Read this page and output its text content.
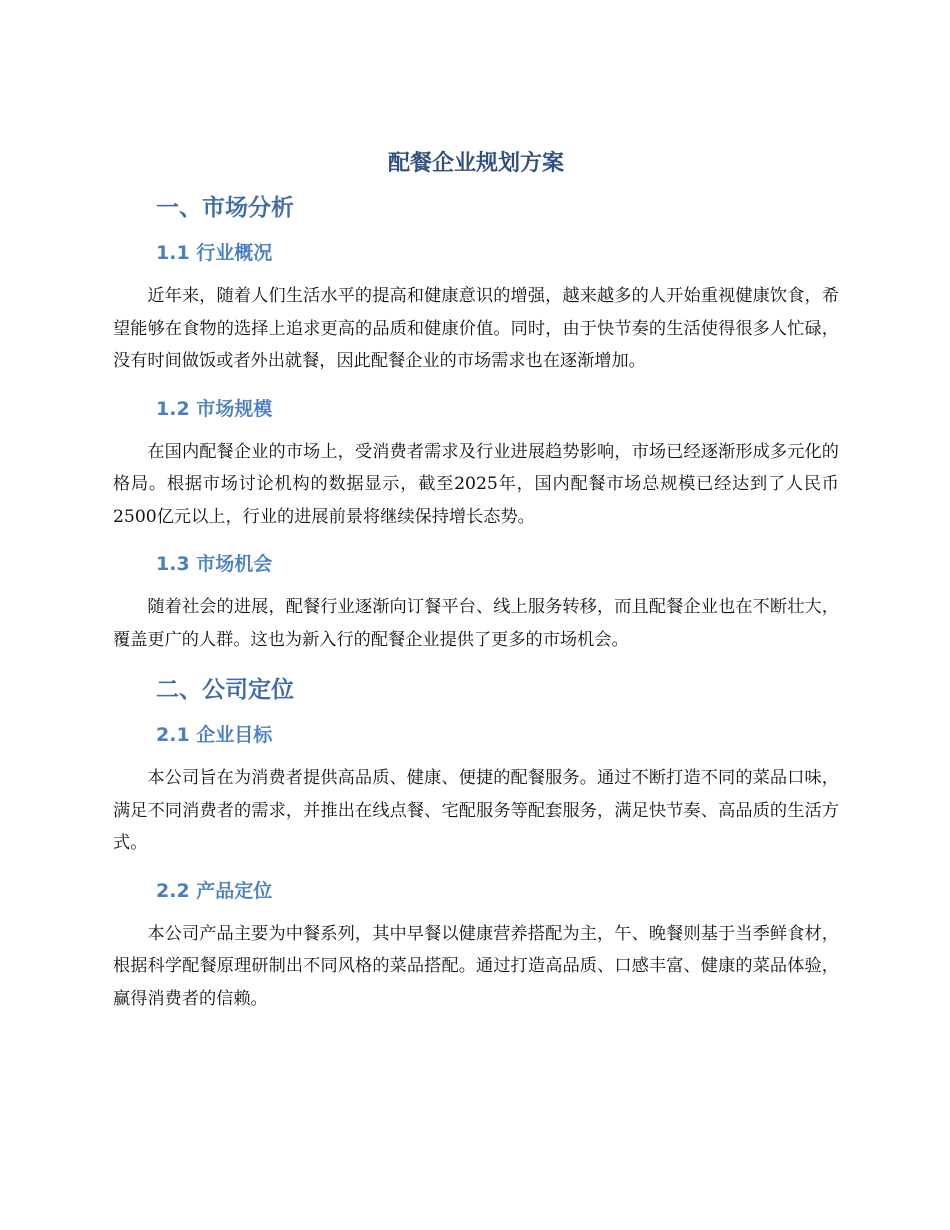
配餐企业规划方案
一、市场分析
1.1 行业概况

近年来，随着人们生活水平的提高和健康意识的增强，越来越多的人开始重视健康饮食，希望能够在食物的选择上追求更高的品质和健康价值。同时，由于快节奏的生活使得很多人忙碌，没有时间做饭或者外出就餐，因此配餐企业的市场需求也在逐渐增加。

1.2 市场规模

在国内配餐企业的市场上，受消费者需求及行业进展趋势影响，市场已经逐渐形成多元化的格局。根据市场讨论机构的数据显示，截至2025年，国内配餐市场总规模已经达到了人民币2500亿元以上，行业的进展前景将继续保持增长态势。

1.3 市场机会

随着社会的进展，配餐行业逐渐向订餐平台、线上服务转移，而且配餐企业也在不断壮大，覆盖更广的人群。这也为新入行的配餐企业提供了更多的市场机会。

二、公司定位
2.1 企业目标

本公司旨在为消费者提供高品质、健康、便捷的配餐服务。通过不断打造不同的菜品口味，满足不同消费者的需求，并推出在线点餐、宅配服务等配套服务，满足快节奏、高品质的生活方式。

2.2 产品定位

本公司产品主要为中餐系列，其中早餐以健康营养搭配为主，午、晚餐则基于当季鲜食材，根据科学配餐原理研制出不同风格的菜品搭配。通过打造高品质、口感丰富、健康的菜品体验，赢得消费者的信赖。
